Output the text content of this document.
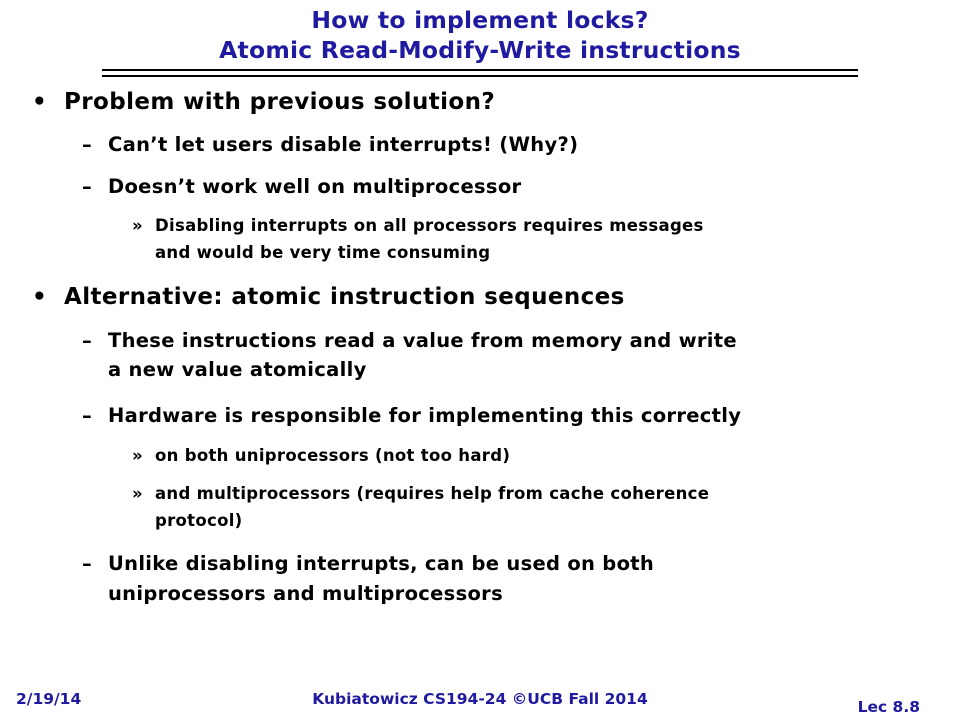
How to implement locks?
Atomic Read-Modify-Write instructions
• Problem with previous solution?
– Can’t let users disable interrupts! (Why?)
– Doesn’t work well on multiprocessor
» Disabling interrupts on all processors requires messages
and would be very time consuming
• Alternative: atomic instruction sequences
– These instructions read a value from memory and write
a new value atomically
– Hardware is responsible for implementing this correctly
» on both uniprocessors (not too hard)
» and multiprocessors (requires help from cache coherence
protocol)
– Unlike disabling interrupts, can be used on both
uniprocessors and multiprocessors
2/19/14	Kubiatowicz CS194-24 ©UCB Fall 2014	Lec 8.8
